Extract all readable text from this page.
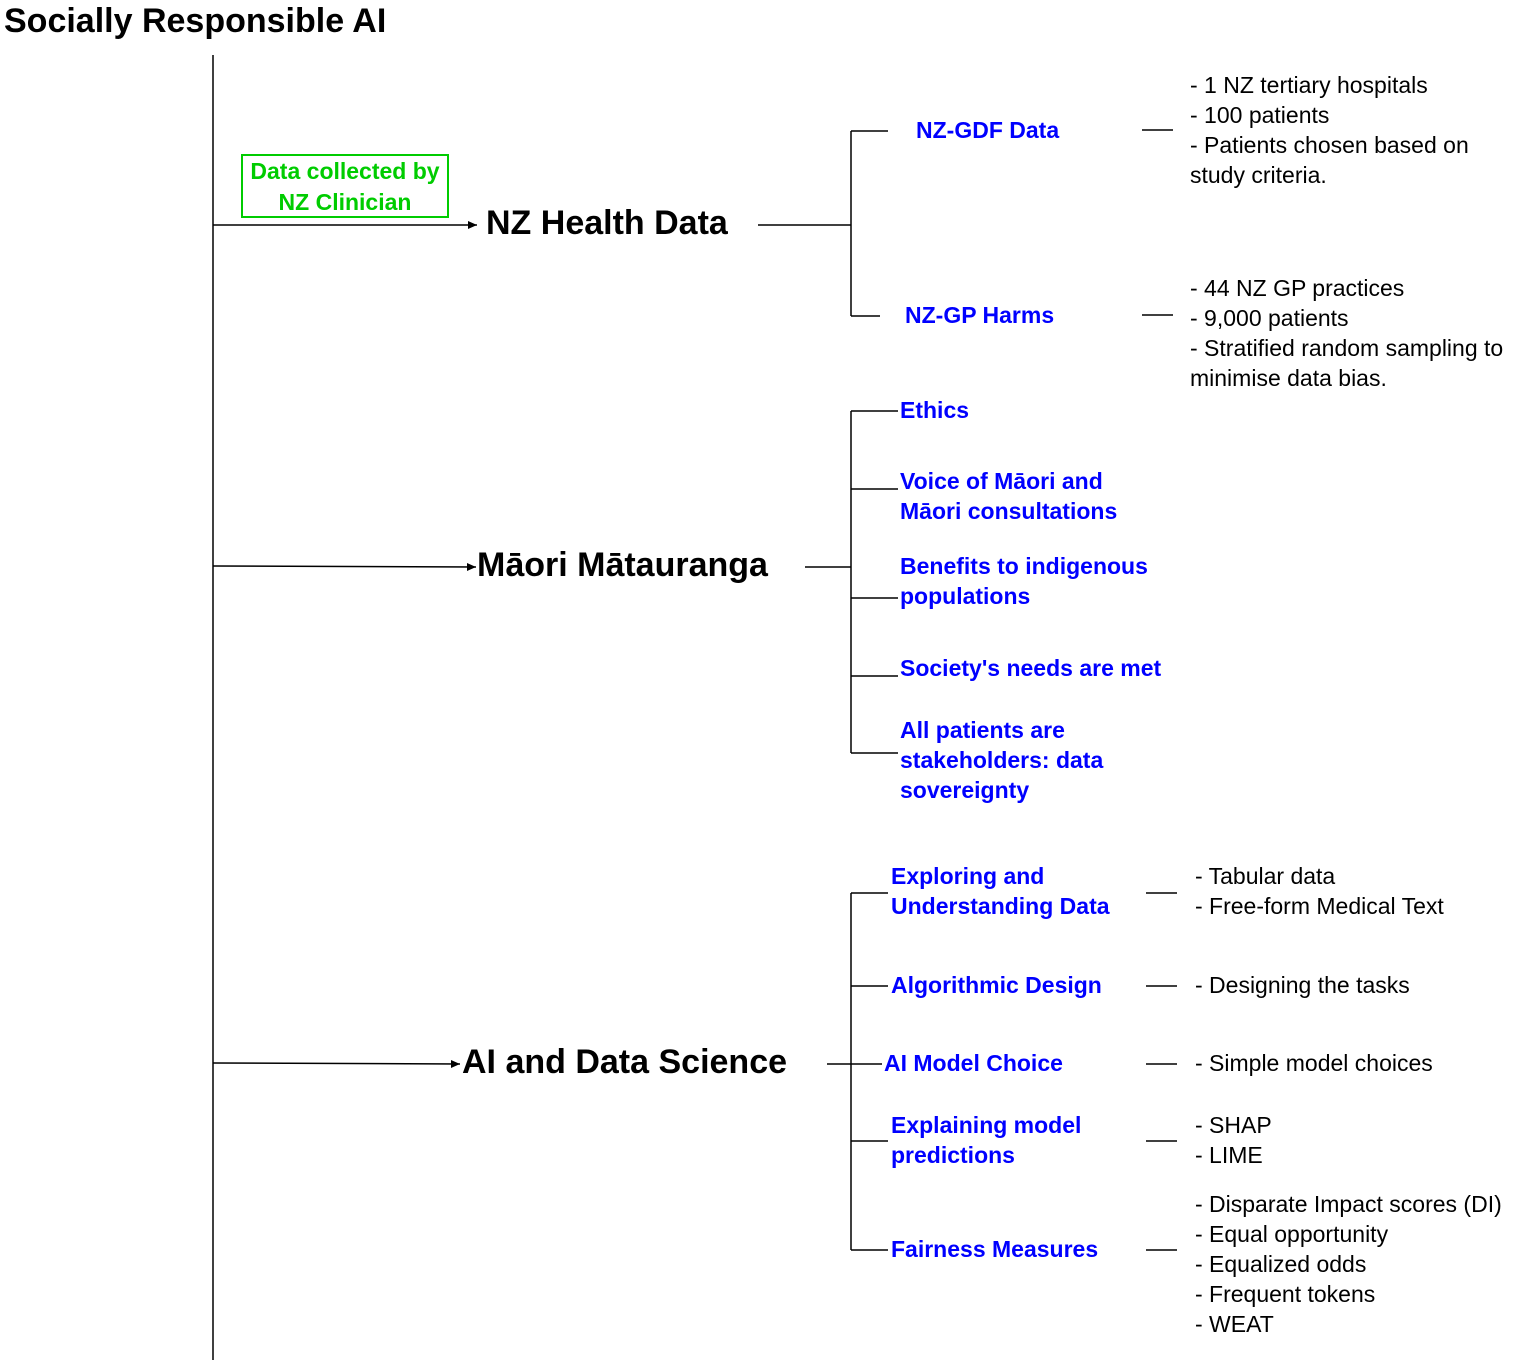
Socially Responsible AI
Data collected by
NZ Clinician
NZ Health Data
Māori Mātauranga
AI and Data Science
NZ-GDF Data
- 1 NZ tertiary hospitals
- 100 patients
- Patients chosen based on
study criteria.
NZ-GP Harms
- 44 NZ GP practices
- 9,000 patients
- Stratified random sampling to
minimise data bias.
Ethics
Voice of Māori and
Māori consultations
Benefits to indigenous
populations
Society's needs are met
All patients are
stakeholders: data
sovereignty
Exploring and
Understanding Data
- Tabular data
- Free-form Medical Text
Algorithmic Design	- Designing the tasks
AI Model Choice	- Simple model choices
Explaining model
predictions
- SHAP
- LIME
Fairness Measures
- Disparate Impact scores (DI)
- Equal opportunity
- Equalized odds
- Frequent tokens
- WEAT
